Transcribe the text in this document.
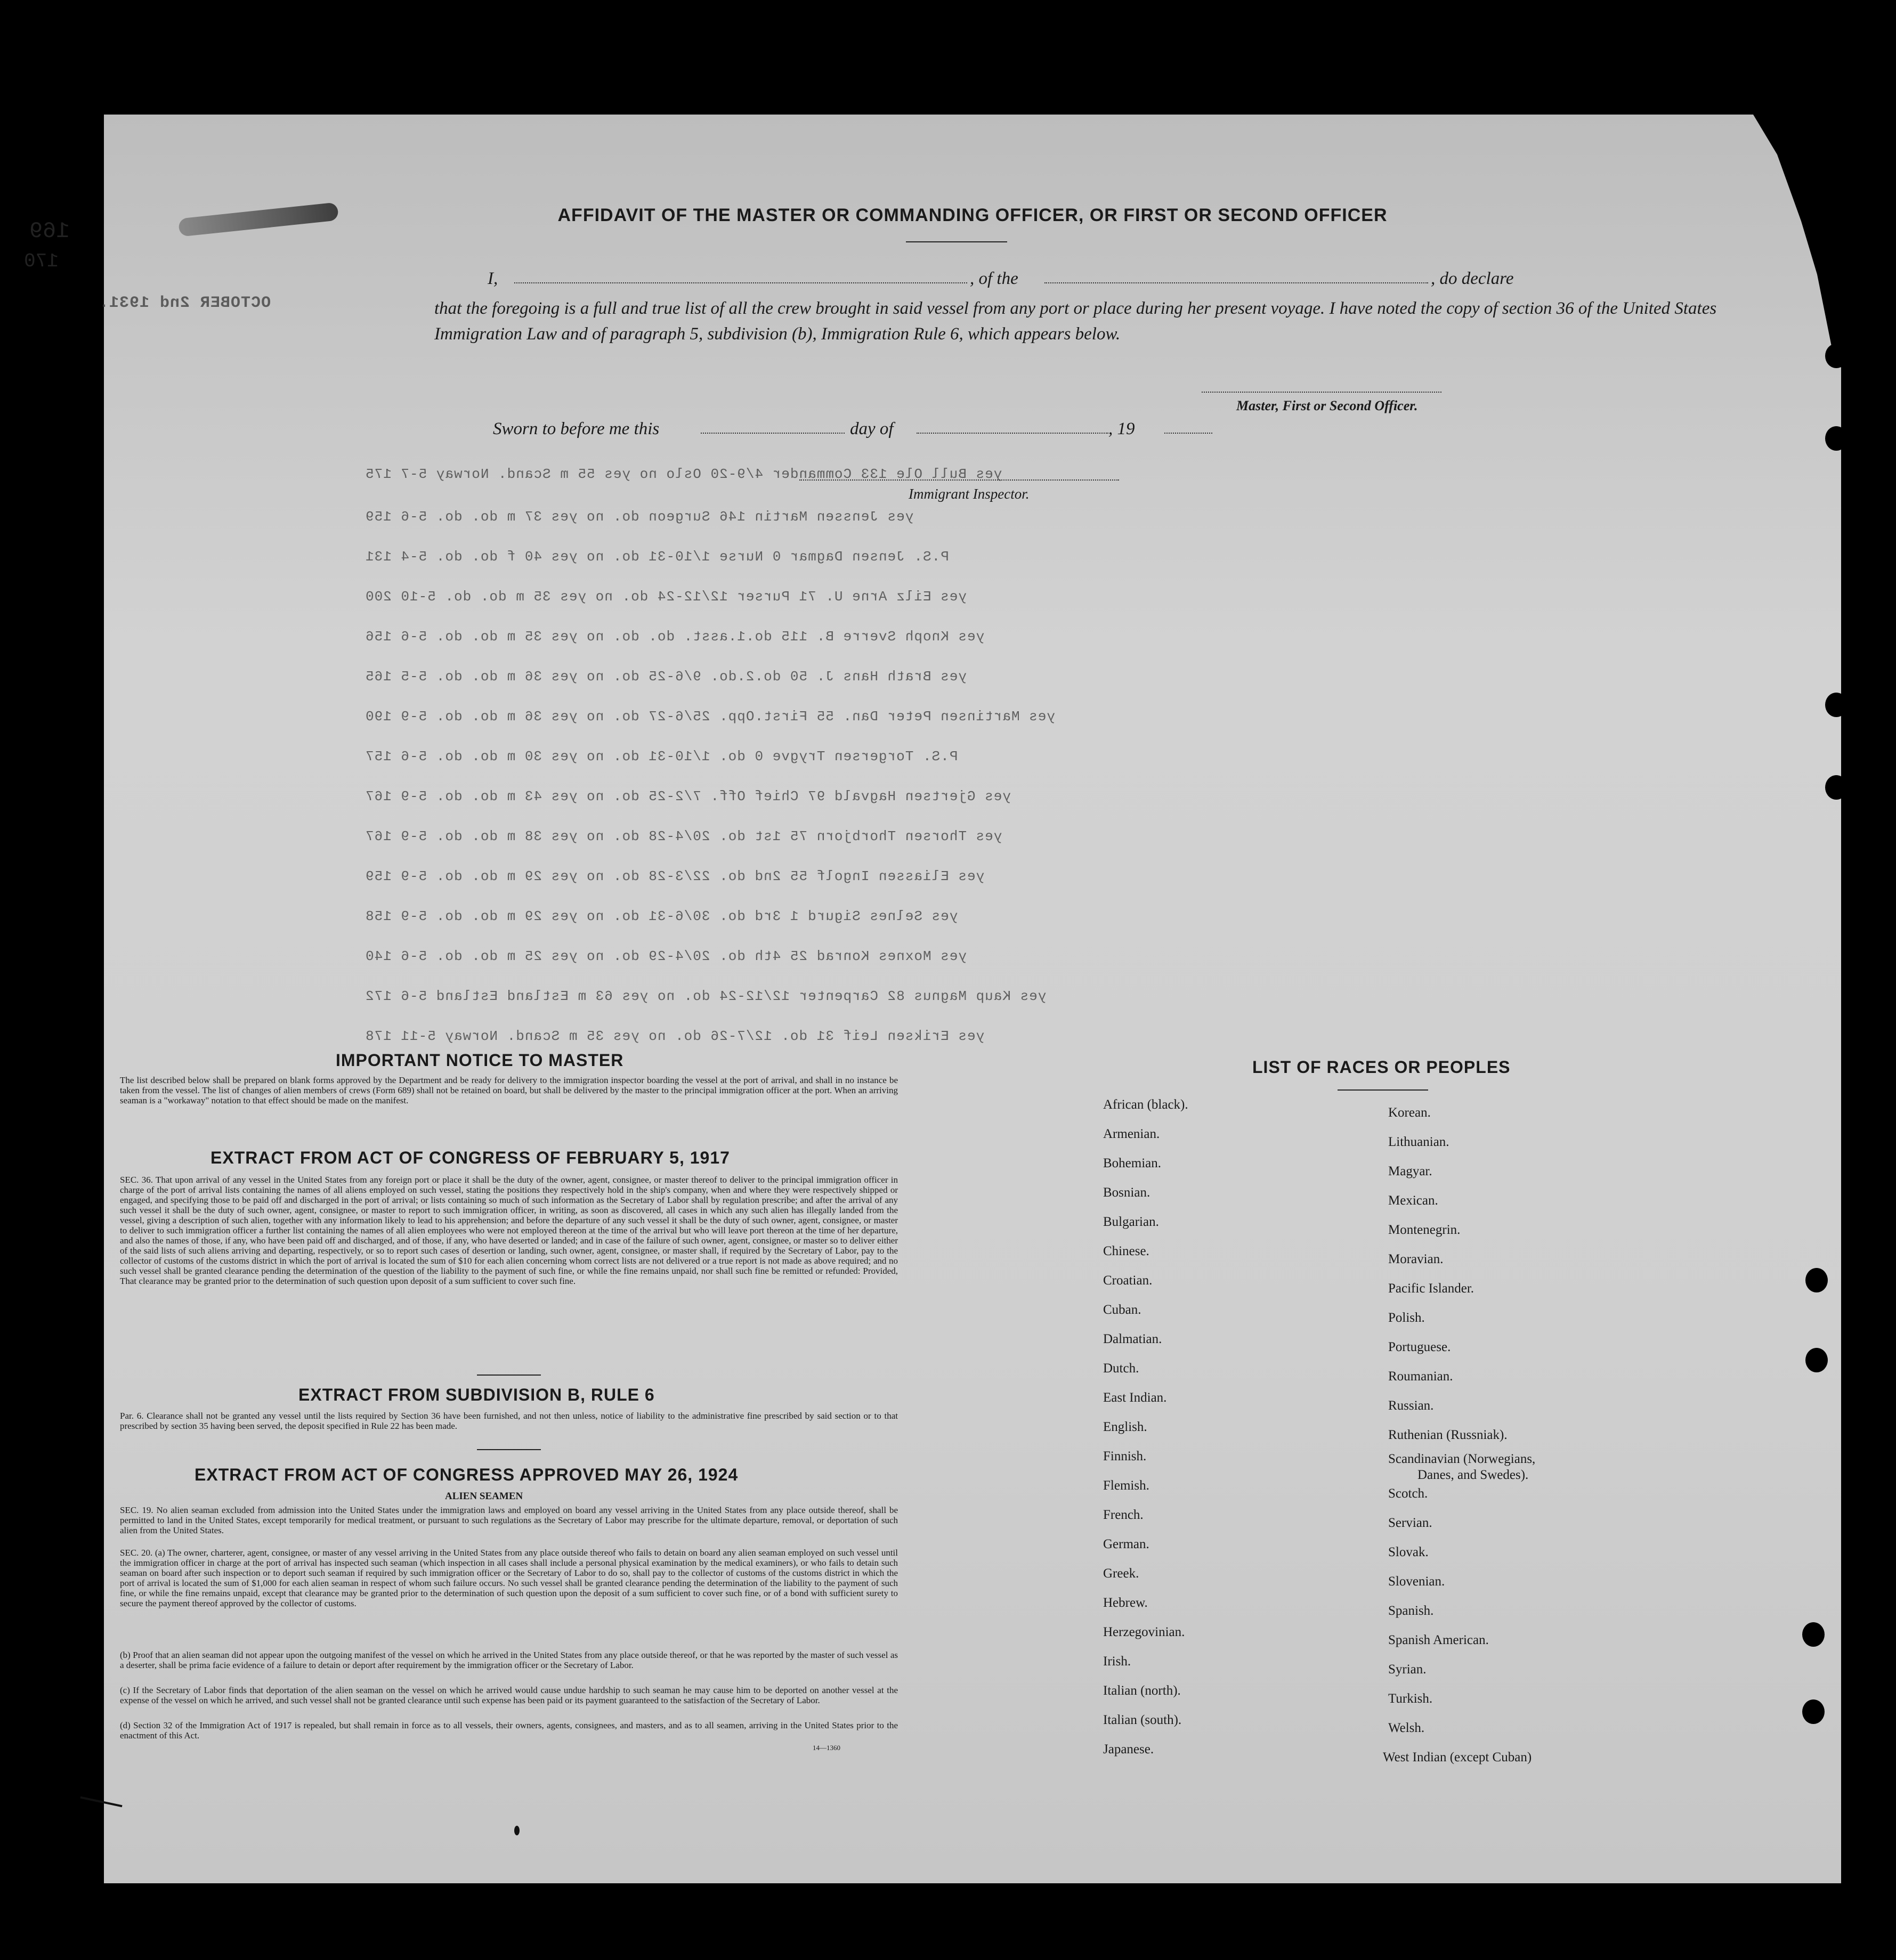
169
170
AFFIDAVIT OF THE MASTER OR COMMANDING OFFICER, OR FIRST OR SECOND OFFICER
I,	, of the	, do declare
that the foregoing is a full and true list of all the crew brought in said vessel from any port or place during her present voyage. I have noted the copy of section 36 of the United States Immigration Law and of paragraph 5, subdivision (b), Immigration Rule 6, which appears below.
Master, First or Second Officer.
Sworn to before me this	day of	, 19
Immigrant Inspector.
OCTOBER 2nd 1931.
yes Bull Ole 133 Commander 4/9-20 Oslo no yes 55 m Scand. Norway 5-7 175
yes Jenssen Martin 146 Surgeon do. no yes 37 m do. do. 5-6 159
P.S. Jensen Dagmar 0 Nurse 1/10-31 do. no yes 40 f do. do. 5-4 131
yes Eilz Arne U. 71 Purser 12/12-24 do. no yes 35 m do. do. 5-10 200
yes Knoph Sverre B. 115 do.1.asst. do. do. no yes 35 m do. do. 5-6 156
yes Brath Hans J. 50 do.2.do. 9/6-25 do. no yes 36 m do. do. 5-5 165
yes Martinsen Peter Dan. 55 First.Opp. 25/6-27 do. no yes 36 m do. do. 5-9 190
P.S. Torgersen Trygve 0 do. 1/10-31 do. no yes 30 m do. do. 5-6 157
yes Gjertsen Hagvald 97 Chief Off. 7/2-25 do. no yes 43 m do. do. 5-9 167
yes Thorsen Thorbjorn 75 1st do. 20/4-28 do. no yes 38 m do. do. 5-9 167
yes Eliassen Ingolf 55 2nd do. 22/3-28 do. no yes 29 m do. do. 5-9 159
yes Selnes Sigurd 1 3rd do. 30/6-31 do. no yes 29 m do. do. 5-9 158
yes Moxnes Konrad 25 4th do. 20/4-29 do. no yes 25 m do. do. 5-6 140
yes Kaup Magnus 82 Carpenter 12/12-24 do. no yes 63 m Estland Estland 5-6 172
yes Eriksen Leif 31 do. 12/7-26 do. no yes 35 m Scand. Norway 5-11 178
IMPORTANT NOTICE TO MASTER
The list described below shall be prepared on blank forms approved by the Department and be ready for delivery to the immigration inspector boarding the vessel at the port of arrival, and shall in no instance be taken from the vessel. The list of changes of alien members of crews (Form 689) shall not be retained on board, but shall be delivered by the master to the principal immigration officer at the port. When an arriving seaman is a "workaway" notation to that effect should be made on the manifest.
EXTRACT FROM ACT OF CONGRESS OF FEBRUARY 5, 1917
SEC. 36. That upon arrival of any vessel in the United States from any foreign port or place it shall be the duty of the owner, agent, consignee, or master thereof to deliver to the principal immigration officer in charge of the port of arrival lists containing the names of all aliens employed on such vessel, stating the positions they respectively hold in the ship's company, when and where they were respectively shipped or engaged, and specifying those to be paid off and discharged in the port of arrival; or lists containing so much of such information as the Secretary of Labor shall by regulation prescribe; and after the arrival of any such vessel it shall be the duty of such owner, agent, consignee, or master to report to such immigration officer, in writing, as soon as discovered, all cases in which any such alien has illegally landed from the vessel, giving a description of such alien, together with any information likely to lead to his apprehension; and before the departure of any such vessel it shall be the duty of such owner, agent, consignee, or master to deliver to such immigration officer a further list containing the names of all alien employees who were not employed thereon at the time of the arrival but who will leave port thereon at the time of her departure, and also the names of those, if any, who have been paid off and discharged, and of those, if any, who have deserted or landed; and in case of the failure of such owner, agent, consignee, or master so to deliver either of the said lists of such aliens arriving and departing, respectively, or so to report such cases of desertion or landing, such owner, agent, consignee, or master shall, if required by the Secretary of Labor, pay to the collector of customs of the customs district in which the port of arrival is located the sum of $10 for each alien concerning whom correct lists are not delivered or a true report is not made as above required; and no such vessel shall be granted clearance pending the determination of the question of the liability to the payment of such fine, or while the fine remains unpaid, nor shall such fine be remitted or refunded: Provided, That clearance may be granted prior to the determination of such question upon deposit of a sum sufficient to cover such fine.
EXTRACT FROM SUBDIVISION B, RULE 6
Par. 6. Clearance shall not be granted any vessel until the lists required by Section 36 have been furnished, and not then unless, notice of liability to the administrative fine prescribed by said section or to that prescribed by section 35 having been served, the deposit specified in Rule 22 has been made.
EXTRACT FROM ACT OF CONGRESS APPROVED MAY 26, 1924
ALIEN SEAMEN
SEC. 19. No alien seaman excluded from admission into the United States under the immigration laws and employed on board any vessel arriving in the United States from any place outside thereof, shall be permitted to land in the United States, except temporarily for medical treatment, or pursuant to such regulations as the Secretary of Labor may prescribe for the ultimate departure, removal, or deportation of such alien from the United States.
SEC. 20. (a) The owner, charterer, agent, consignee, or master of any vessel arriving in the United States from any place outside thereof who fails to detain on board any alien seaman employed on such vessel until the immigration officer in charge at the port of arrival has inspected such seaman (which inspection in all cases shall include a personal physical examination by the medical examiners), or who fails to detain such seaman on board after such inspection or to deport such seaman if required by such immigration officer or the Secretary of Labor to do so, shall pay to the collector of customs of the customs district in which the port of arrival is located the sum of $1,000 for each alien seaman in respect of whom such failure occurs. No such vessel shall be granted clearance pending the determination of the liability to the payment of such fine, or while the fine remains unpaid, except that clearance may be granted prior to the determination of such question upon the deposit of a sum sufficient to cover such fine, or of a bond with sufficient surety to secure the payment thereof approved by the collector of customs.
(b) Proof that an alien seaman did not appear upon the outgoing manifest of the vessel on which he arrived in the United States from any place outside thereof, or that he was reported by the master of such vessel as a deserter, shall be prima facie evidence of a failure to detain or deport after requirement by the immigration officer or the Secretary of Labor.
(c) If the Secretary of Labor finds that deportation of the alien seaman on the vessel on which he arrived would cause undue hardship to such seaman he may cause him to be deported on another vessel at the expense of the vessel on which he arrived, and such vessel shall not be granted clearance until such expense has been paid or its payment guaranteed to the satisfaction of the Secretary of Labor.
(d) Section 32 of the Immigration Act of 1917 is repealed, but shall remain in force as to all vessels, their owners, agents, consignees, and masters, and as to all seamen, arriving in the United States prior to the enactment of this Act.
14—1360
LIST OF RACES OR PEOPLES
African (black).
Armenian.
Bohemian.
Bosnian.
Bulgarian.
Chinese.
Croatian.
Cuban.
Dalmatian.
Dutch.
East Indian.
English.
Finnish.
Flemish.
French.
German.
Greek.
Hebrew.
Herzegovinian.
Irish.
Italian (north).
Italian (south).
Japanese.
Korean.
Lithuanian.
Magyar.
Mexican.
Montenegrin.
Moravian.
Pacific Islander.
Polish.
Portuguese.
Roumanian.
Russian.
Ruthenian (Russniak).
Scandinavian (Norwegians,
Danes, and Swedes).
Scotch.
Servian.
Slovak.
Slovenian.
Spanish.
Spanish American.
Syrian.
Turkish.
Welsh.
West Indian (except Cuban)
